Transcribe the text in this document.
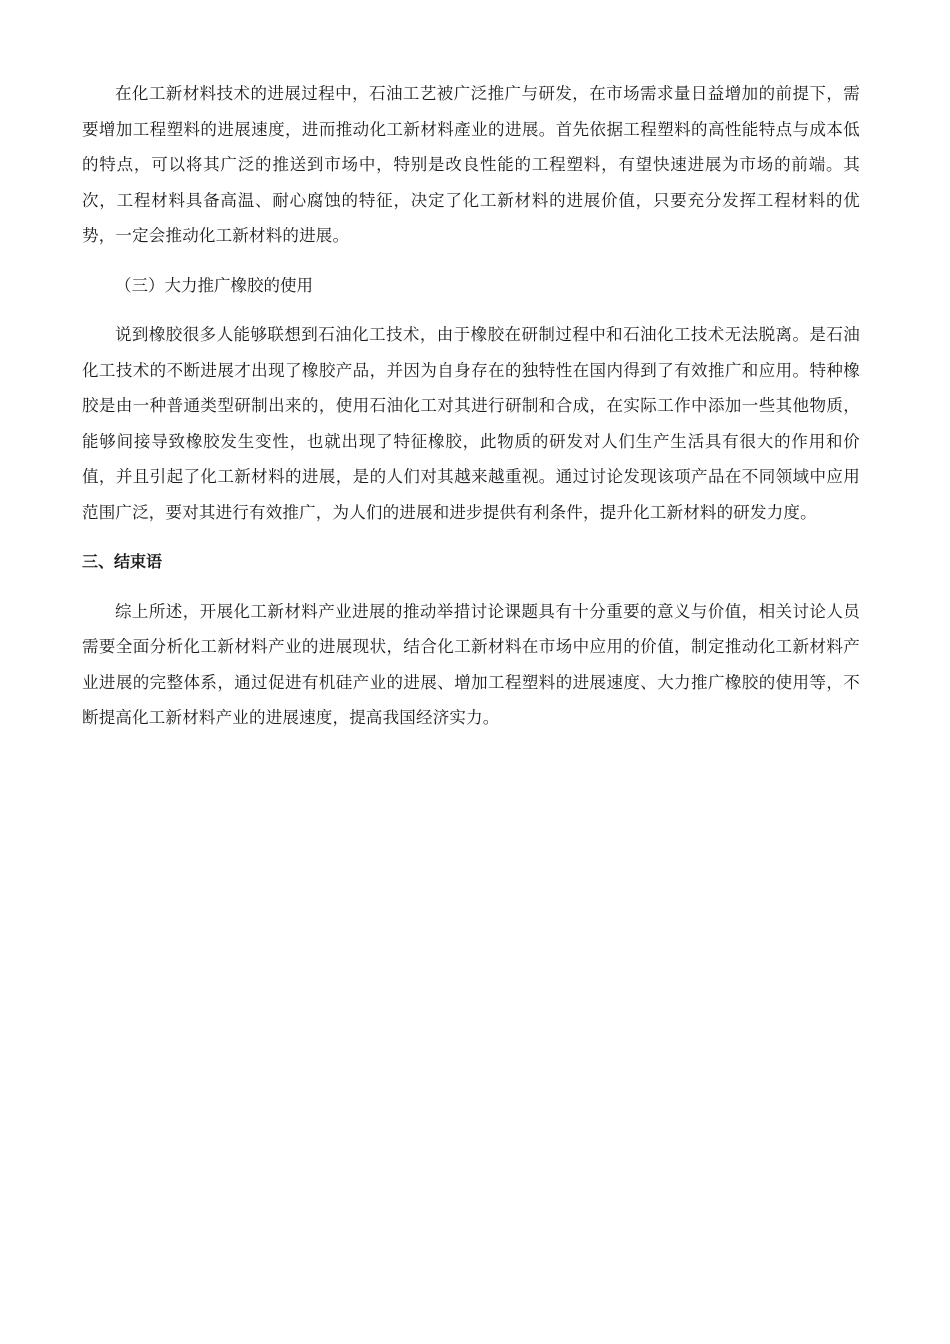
在化工新材料技术的进展过程中，石油工艺被广泛推广与研发，在市场需求量日益增加的前提下，需要增加工程塑料的进展速度，进而推动化工新材料產业的进展。首先依据工程塑料的高性能特点与成本低的特点，可以将其广泛的推送到市场中，特别是改良性能的工程塑料，有望快速进展为市场的前端。其次，工程材料具备高温、耐心腐蚀的特征，决定了化工新材料的进展价值，只要充分发挥工程材料的优势，一定会推动化工新材料的进展。

（三）大力推广橡胶的使用

说到橡胶很多人能够联想到石油化工技术，由于橡胶在研制过程中和石油化工技术无法脱离。是石油化工技术的不断进展才出现了橡胶产品，并因为自身存在的独特性在国内得到了有效推广和应用。特种橡胶是由一种普通类型研制出来的，使用石油化工对其进行研制和合成，在实际工作中添加一些其他物质，能够间接导致橡胶发生变性，也就出现了特征橡胶，此物质的研发对人们生产生活具有很大的作用和价值，并且引起了化工新材料的进展，是的人们对其越来越重视。通过讨论发现该项产品在不同领域中应用范围广泛，要对其进行有效推广，为人们的进展和进步提供有利条件，提升化工新材料的研发力度。

三、结束语

综上所述，开展化工新材料产业进展的推动举措讨论课题具有十分重要的意义与价值，相关讨论人员需要全面分析化工新材料产业的进展现状，结合化工新材料在市场中应用的价值，制定推动化工新材料产业进展的完整体系，通过促进有机硅产业的进展、增加工程塑料的进展速度、大力推广橡胶的使用等，不断提高化工新材料产业的进展速度，提高我国经济实力。
